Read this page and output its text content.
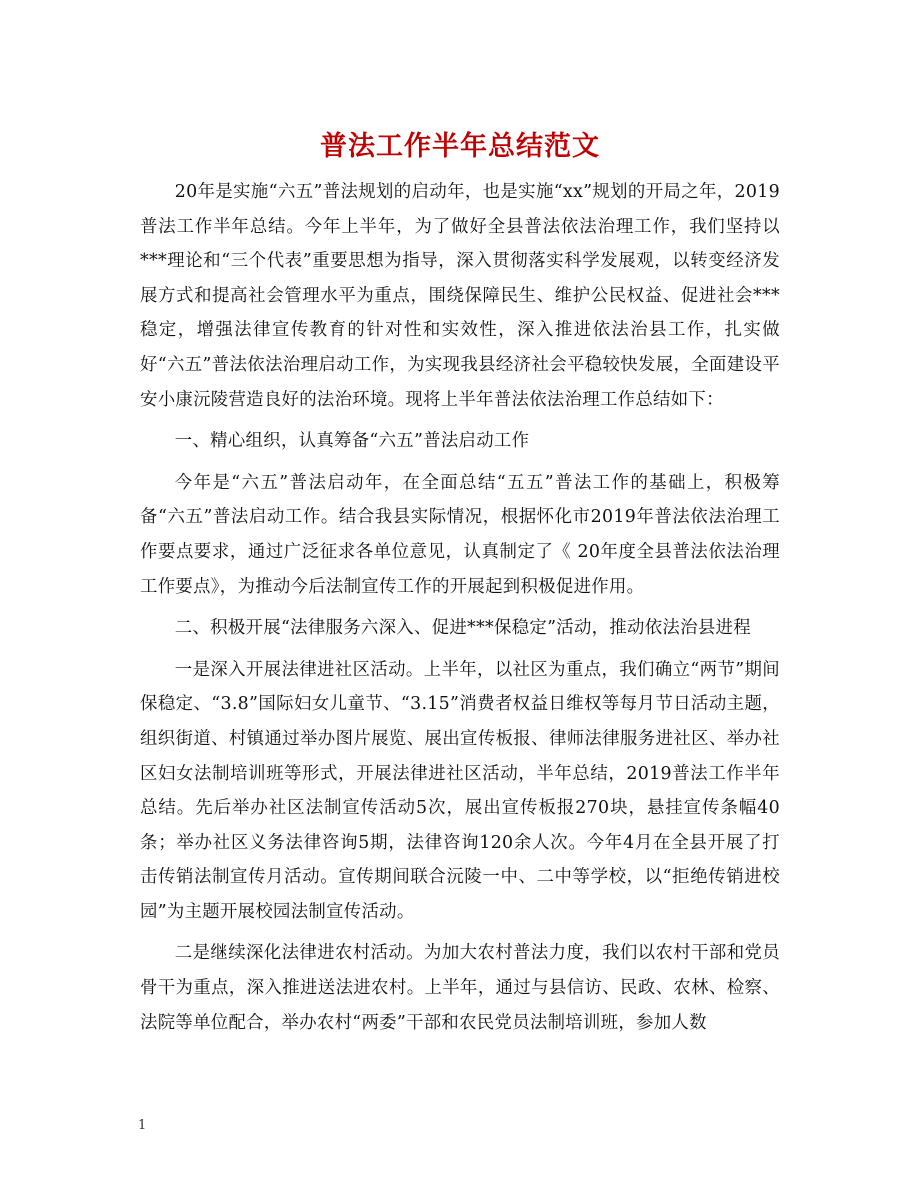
普法工作半年总结范文

20年是实施“六五”普法规划的启动年，也是实施“xx”规划的开局之年，2019普法工作半年总结。今年上半年，为了做好全县普法依法治理工作，我们坚持以***理论和“三个代表”重要思想为指导，深入贯彻落实科学发展观，以转变经济发展方式和提高社会管理水平为重点，围绕保障民生、维护公民权益、促进社会***稳定，增强法律宣传教育的针对性和实效性，深入推进依法治县工作，扎实做好“六五”普法依法治理启动工作，为实现我县经济社会平稳较快发展，全面建设平安小康沅陵营造良好的法治环境。现将上半年普法依法治理工作总结如下：

一、精心组织，认真筹备“六五”普法启动工作

今年是“六五”普法启动年，在全面总结“五五”普法工作的基础上，积极筹备“六五”普法启动工作。结合我县实际情况，根据怀化市2019年普法依法治理工作要点要求，通过广泛征求各单位意见，认真制定了《 20年度全县普法依法治理工作要点》，为推动今后法制宣传工作的开展起到积极促进作用。

二、积极开展“法律服务六深入、促进***保稳定”活动，推动依法治县进程

一是深入开展法律进社区活动。上半年，以社区为重点，我们确立“两节”期间保稳定、“3.8”国际妇女儿童节、“3.15”消费者权益日维权等每月节日活动主题，组织街道、村镇通过举办图片展览、展出宣传板报、律师法律服务进社区、举办社区妇女法制培训班等形式，开展法律进社区活动，半年总结，2019普法工作半年总结。先后举办社区法制宣传活动5次，展出宣传板报270块，悬挂宣传条幅40条；举办社区义务法律咨询5期，法律咨询120余人次。今年4月在全县开展了打击传销法制宣传月活动。宣传期间联合沅陵一中、二中等学校，以“拒绝传销进校园”为主题开展校园法制宣传活动。

二是继续深化法律进农村活动。为加大农村普法力度，我们以农村干部和党员骨干为重点，深入推进送法进农村。上半年，通过与县信访、民政、农林、检察、法院等单位配合，举办农村“两委”干部和农民党员法制培训班，参加人数

1
